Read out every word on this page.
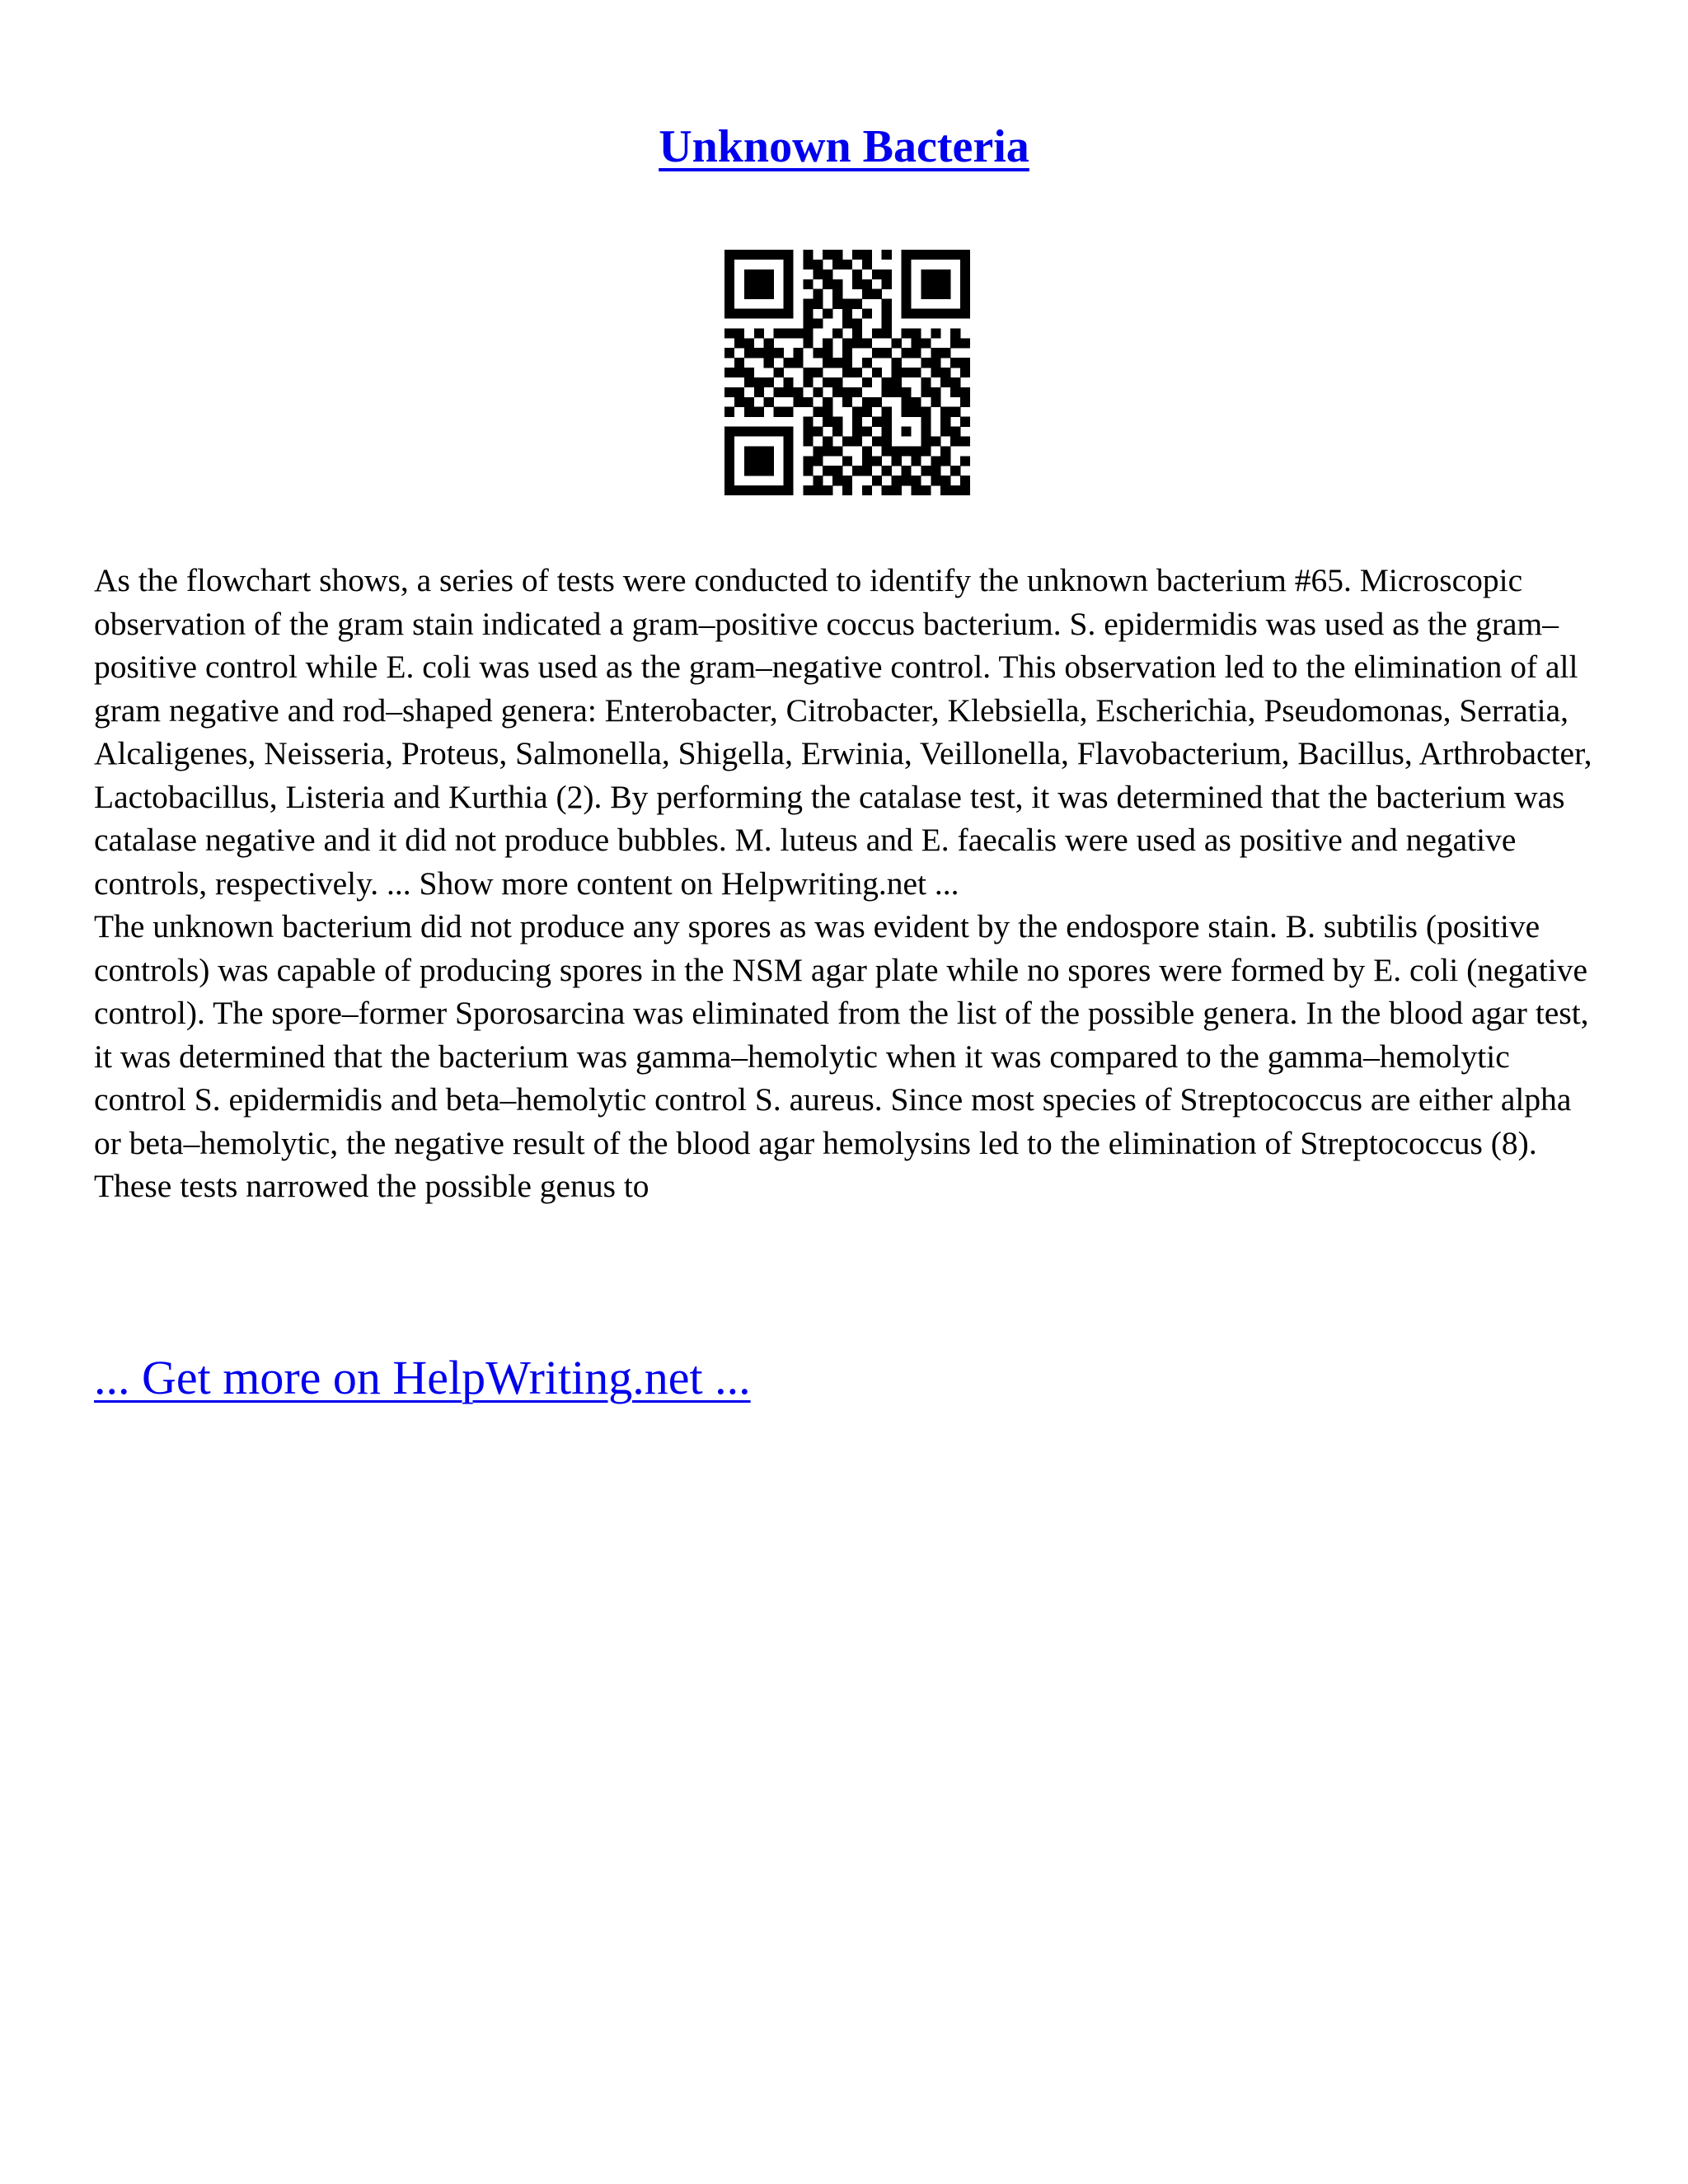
Unknown Bacteria

As the flowchart shows, a series of tests were conducted to identify the unknown bacterium #65. Microscopic observation of the gram stain indicated a gram–positive coccus bacterium. S. epidermidis was used as the gram–positive control while E. coli was used as the gram–negative control. This observation led to the elimination of all gram negative and rod–shaped genera: Enterobacter, Citrobacter, Klebsiella, Escherichia, Pseudomonas, Serratia, Alcaligenes, Neisseria, Proteus, Salmonella, Shigella, Erwinia, Veillonella, Flavobacterium, Bacillus, Arthrobacter, Lactobacillus, Listeria and Kurthia (2). By performing the catalase test, it was determined that the bacterium was catalase negative and it did not produce bubbles. M. luteus and E. faecalis were used as positive and negative controls, respectively. ... Show more content on Helpwriting.net ...
The unknown bacterium did not produce any spores as was evident by the endospore stain. B. subtilis (positive controls) was capable of producing spores in the NSM agar plate while no spores were formed by E. coli (negative control). The spore–former Sporosarcina was eliminated from the list of the possible genera. In the blood agar test, it was determined that the bacterium was gamma–hemolytic when it was compared to the gamma–hemolytic control S. epidermidis and beta–hemolytic control S. aureus. Since most species of Streptococcus are either alpha or beta–hemolytic, the negative result of the blood agar hemolysins led to the elimination of Streptococcus (8). These tests narrowed the possible genus to

... Get more on HelpWriting.net ...
